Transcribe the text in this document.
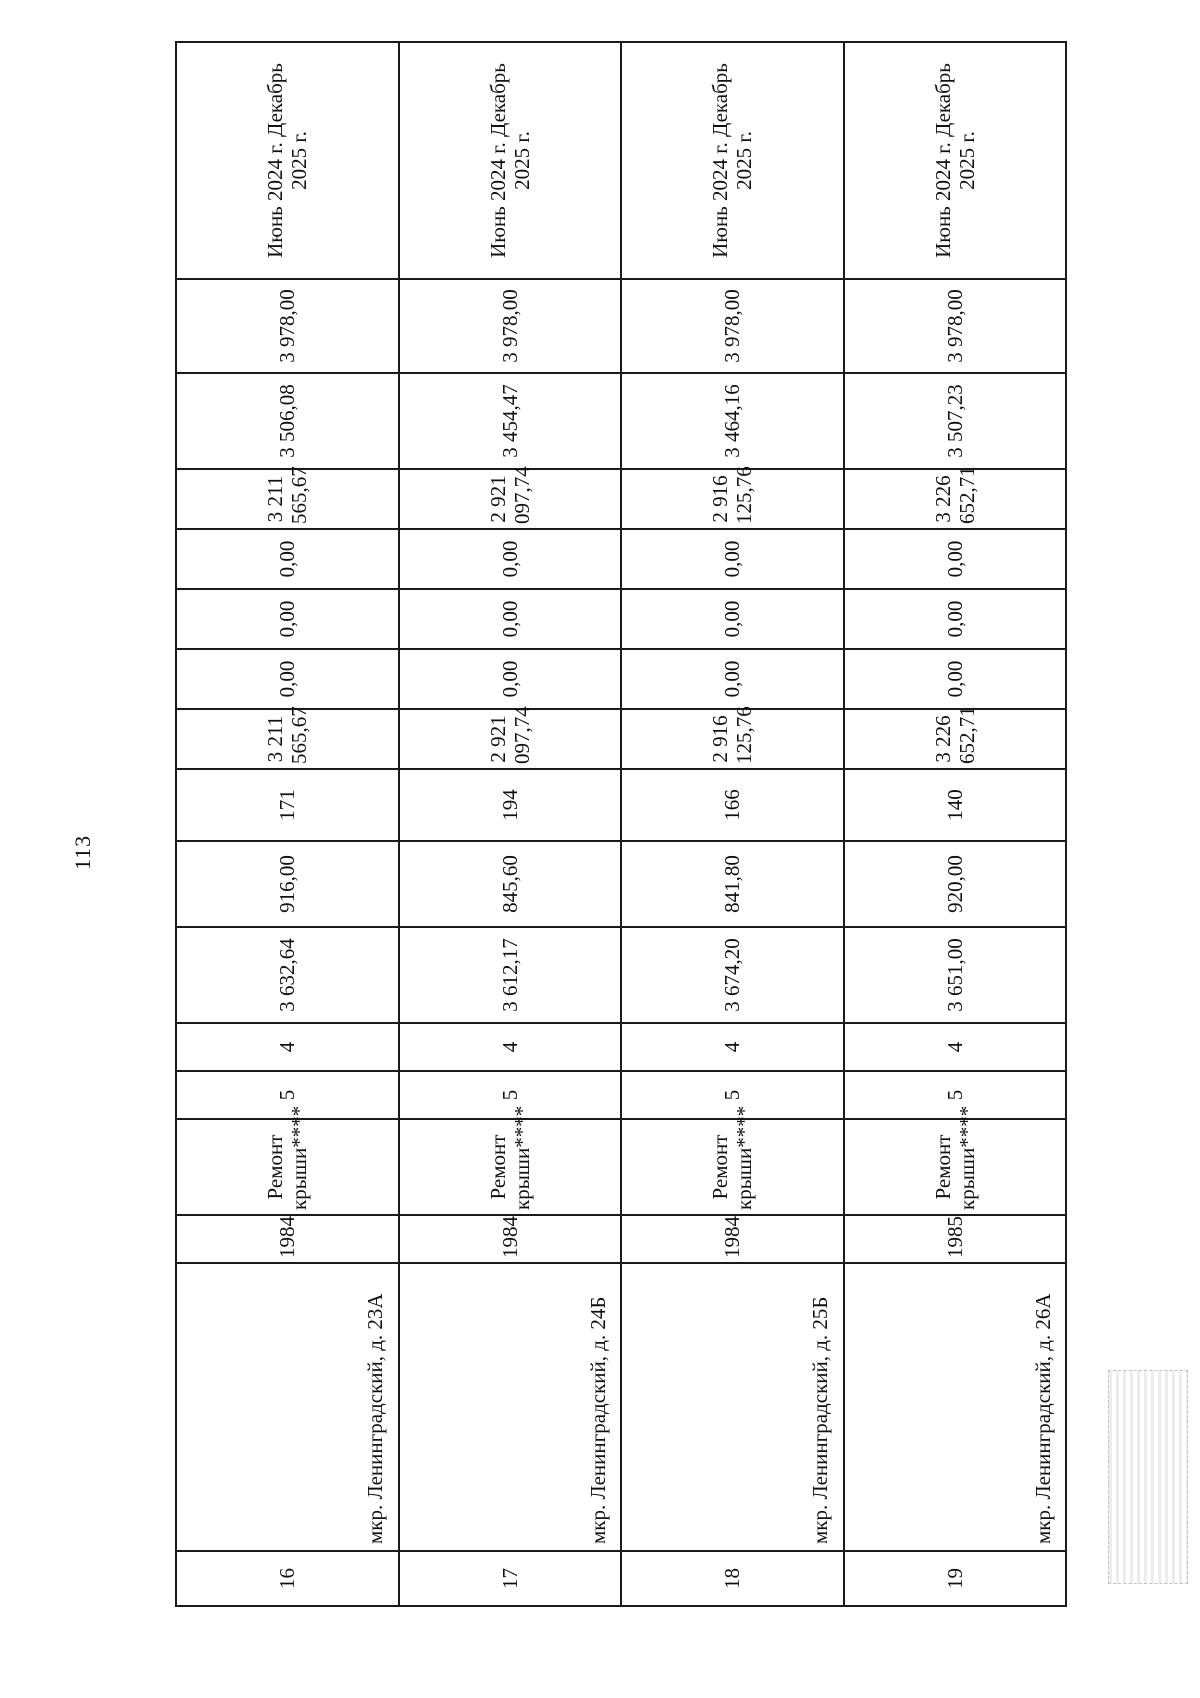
113
16	мкр. Ленинградский, д. 23А	1984	Ремонт крыши****	5	4	3 632,64	916,00	171	3 211 565,67	0,00	0,00	0,00	3 211 565,67	3 506,08	3 978,00	Июнь 2024 г. Декабрь 2025 г.
17	мкр. Ленинградский, д. 24Б	1984	Ремонт крыши****	5	4	3 612,17	845,60	194	2 921 097,74	0,00	0,00	0,00	2 921 097,74	3 454,47	3 978,00	Июнь 2024 г. Декабрь 2025 г.
18	мкр. Ленинградский, д. 25Б	1984	Ремонт крыши****	5	4	3 674,20	841,80	166	2 916 125,76	0,00	0,00	0,00	2 916 125,76	3 464,16	3 978,00	Июнь 2024 г. Декабрь 2025 г.
19	мкр. Ленинградский, д. 26А	1985	Ремонт крыши****	5	4	3 651,00	920,00	140	3 226 652,71	0,00	0,00	0,00	3 226 652,71	3 507,23	3 978,00	Июнь 2024 г. Декабрь 2025 г.
